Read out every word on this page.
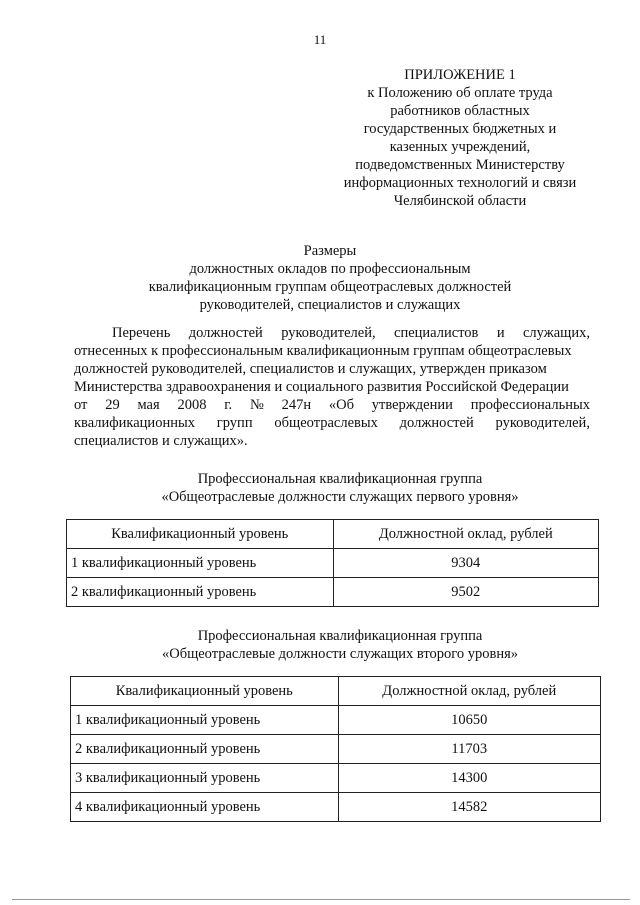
11
ПРИЛОЖЕНИЕ 1
к Положению об оплате труда
работников областных
государственных бюджетных и
казенных учреждений,
подведомственных Министерству
информационных технологий и связи
Челябинской области
Размеры
должностных окладов по профессиональным
квалификационным группам общеотраслевых должностей
руководителей, специалистов и служащих
Перечень должностей руководителей, специалистов и служащих,
отнесенных к профессиональным квалификационным группам общеотраслевых
должностей руководителей, специалистов и служащих, утвержден приказом
Министерства здравоохранения и социального развития Российской Федерации
от 29 мая 2008 г. № 247н «Об утверждении профессиональных
квалификационных групп общеотраслевых должностей руководителей,
специалистов и служащих».
Профессиональная квалификационная группа
«Общеотраслевые должности служащих первого уровня»
Квалификационный уровень	Должностной оклад, рублей
1 квалификационный уровень	9304
2 квалификационный уровень	9502
Профессиональная квалификационная группа
«Общеотраслевые должности служащих второго уровня»
Квалификационный уровень	Должностной оклад, рублей
1 квалификационный уровень	10650
2 квалификационный уровень	11703
3 квалификационный уровень	14300
4 квалификационный уровень	14582
